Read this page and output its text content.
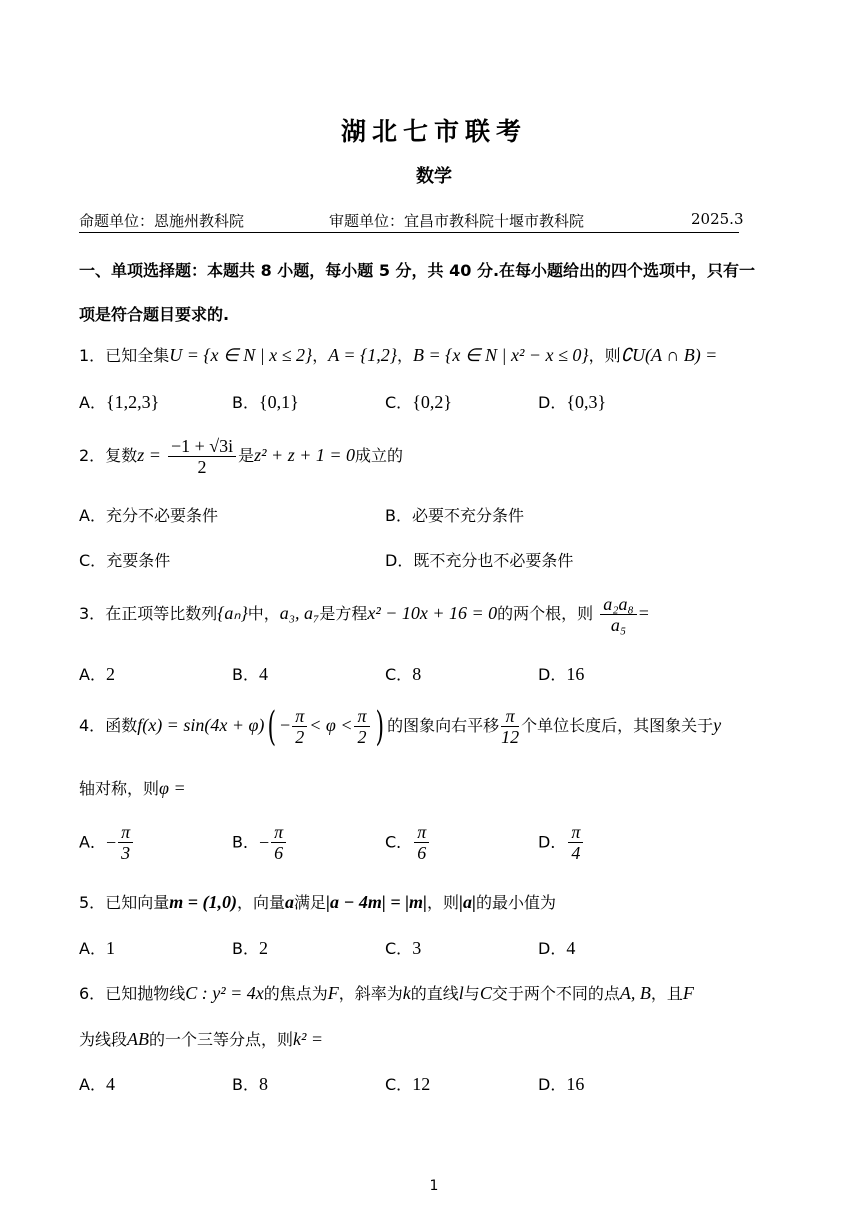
湖北七市联考
数学
命题单位：恩施州教科院	审题单位：宜昌市教科院十堰市教科院	2025.3
一、单项选择题：本题共 8 小题，每小题 5 分，共 40 分.在每小题给出的四个选项中，只有一
项是符合题目要求的.
1．已知全集U = {x ∈ N | x ≤ 2}，A = {1,2}，B = {x ∈ N | x² − x ≤ 0}，则∁U(A ∩ B) =
A．{1,2,3}	B．{0,1}	C．{0,2}	D．{0,3}
2．复数$z = \frac{-1 + √3i}{2}$ 是z² + z + 1 = 0成立的
A．充分不必要条件	B．必要不充分条件
C．充要条件	D．既不充分也不必要条件
3．在正项等比数列{aₙ}中，a₃, a₇是方程x² − 10x + 16 = 0的两个根，则 $\frac{\text{a₂a₈}}{\text{a₅}}$ =
A．2	B．4	C．8	D．16
4．函数$f(x) = \sin(4x + \varphi)( - \frac{\pi}{2} < \varphi < \frac{\pi}{2}$ ) 的图象向右平移 $\frac{\pi}{12}$ 个单位长度后，其图象关于y
轴对称，则φ =
A．− $\frac{\pi}{3}$	B．− $\frac{\pi}{6}$	C． $\frac{\pi}{6}$	D． $\frac{\pi}{4}$
5．已知向量m = (1,0)，向量a满足|a − 4m| = |m|，则|a|的最小值为
A．1	B．2	C．3	D．4
6．已知抛物线C : y² = 4x的焦点为F，斜率为k的直线l与C交于两个不同的点A, B，且F
为线段AB的一个三等分点，则k² =
A．4	B．8	C．12	D．16
1
